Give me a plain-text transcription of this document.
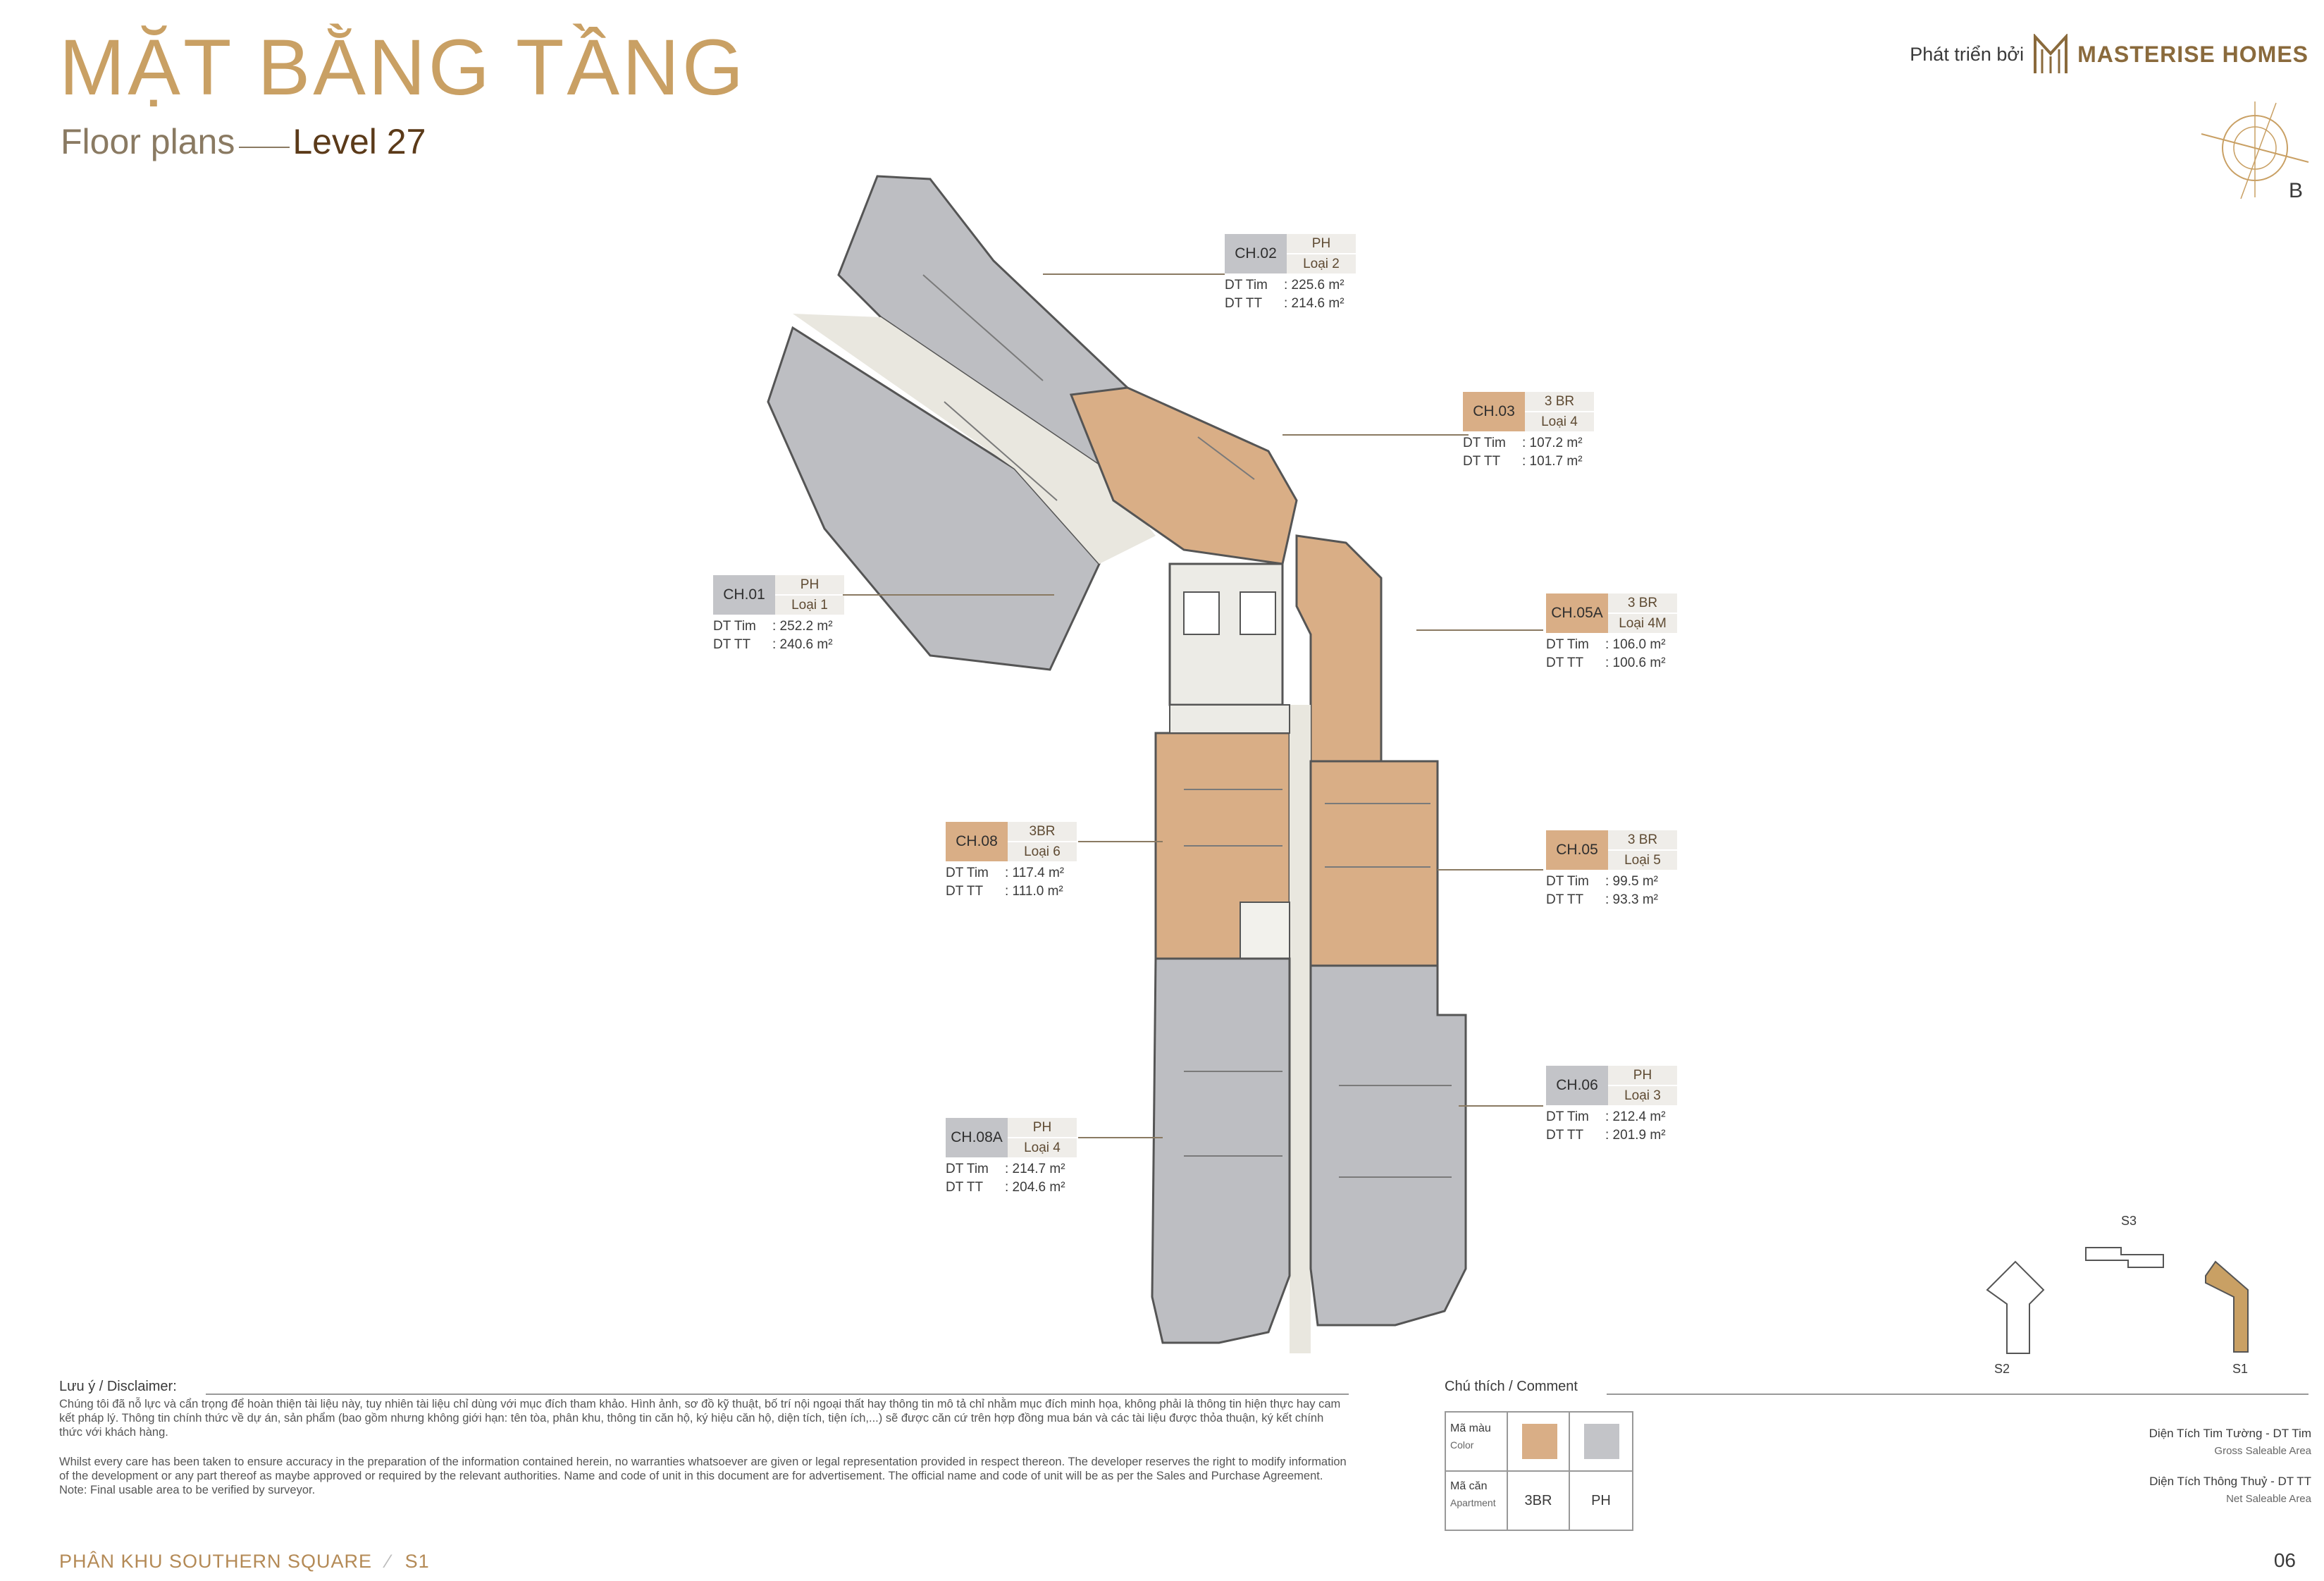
MẶT BẰNG TẦNG
Floor plans Level 27
Phát triển bởi MASTERISE HOMES
B
CH.02
PH
Loại 2
DT Tim : 225.6 m²
DT TT : 214.6 m²
CH.03
3 BR
Loại 4
DT Tim : 107.2 m²
DT TT : 101.7 m²
CH.01
PH
Loại 1
DT Tim : 252.2 m²
DT TT : 240.6 m²
CH.05A
3 BR
Loại 4M
DT Tim : 106.0 m²
DT TT : 100.6 m²
CH.08
3BR
Loại 6
DT Tim : 117.4 m²
DT TT : 111.0 m²
CH.05
3 BR
Loại 5
DT Tim : 99.5 m²
DT TT : 93.3 m²
CH.06
PH
Loại 3
DT Tim : 212.4 m²
DT TT : 201.9 m²
CH.08A
PH
Loại 4
DT Tim : 214.7 m²
DT TT : 204.6 m²
S3
S2	S1
Lưu ý / Disclaimer:
Chúng tôi đã nỗ lực và cẩn trọng để hoàn thiện tài liệu này, tuy nhiên tài liệu chỉ dùng với mục đích tham khảo. Hình ảnh, sơ đồ kỹ thuật, bố trí nội ngoại thất hay thông tin mô tả chỉ nhằm mục đích minh họa, không phải là thông tin hiện thực hay cam kết pháp lý. Thông tin chính thức về dự án, sản phẩm (bao gồm nhưng không giới hạn: tên tòa, phân khu, thông tin căn hộ, ký hiệu căn hộ, diện tích, tiện ích,...) sẽ được căn cứ trên hợp đồng mua bán và các tài liệu được thỏa thuận, ký kết chính thức với khách hàng.
Whilst every care has been taken to ensure accuracy in the preparation of the information contained herein, no warranties whatsoever are given or legal representation provided in respect thereon. The developer reserves the right to modify information of the development or any part thereof as maybe approved or required by the relevant authorities. Name and code of unit in this document are for advertisement. The official name and code of unit will be as per the Sales and Purchase Agreement. Note: Final usable area to be verified by surveyor.
Chú thích / Comment
Mã màu
Color
Mã căn
Apartment	3BR	PH
Diện Tích Tim Tường - DT Tim
Gross Saleable Area
Diện Tích Thông Thuỷ - DT TT
Net Saleable Area
PHÂN KHU SOUTHERN SQUARE ⁄ S1	06
